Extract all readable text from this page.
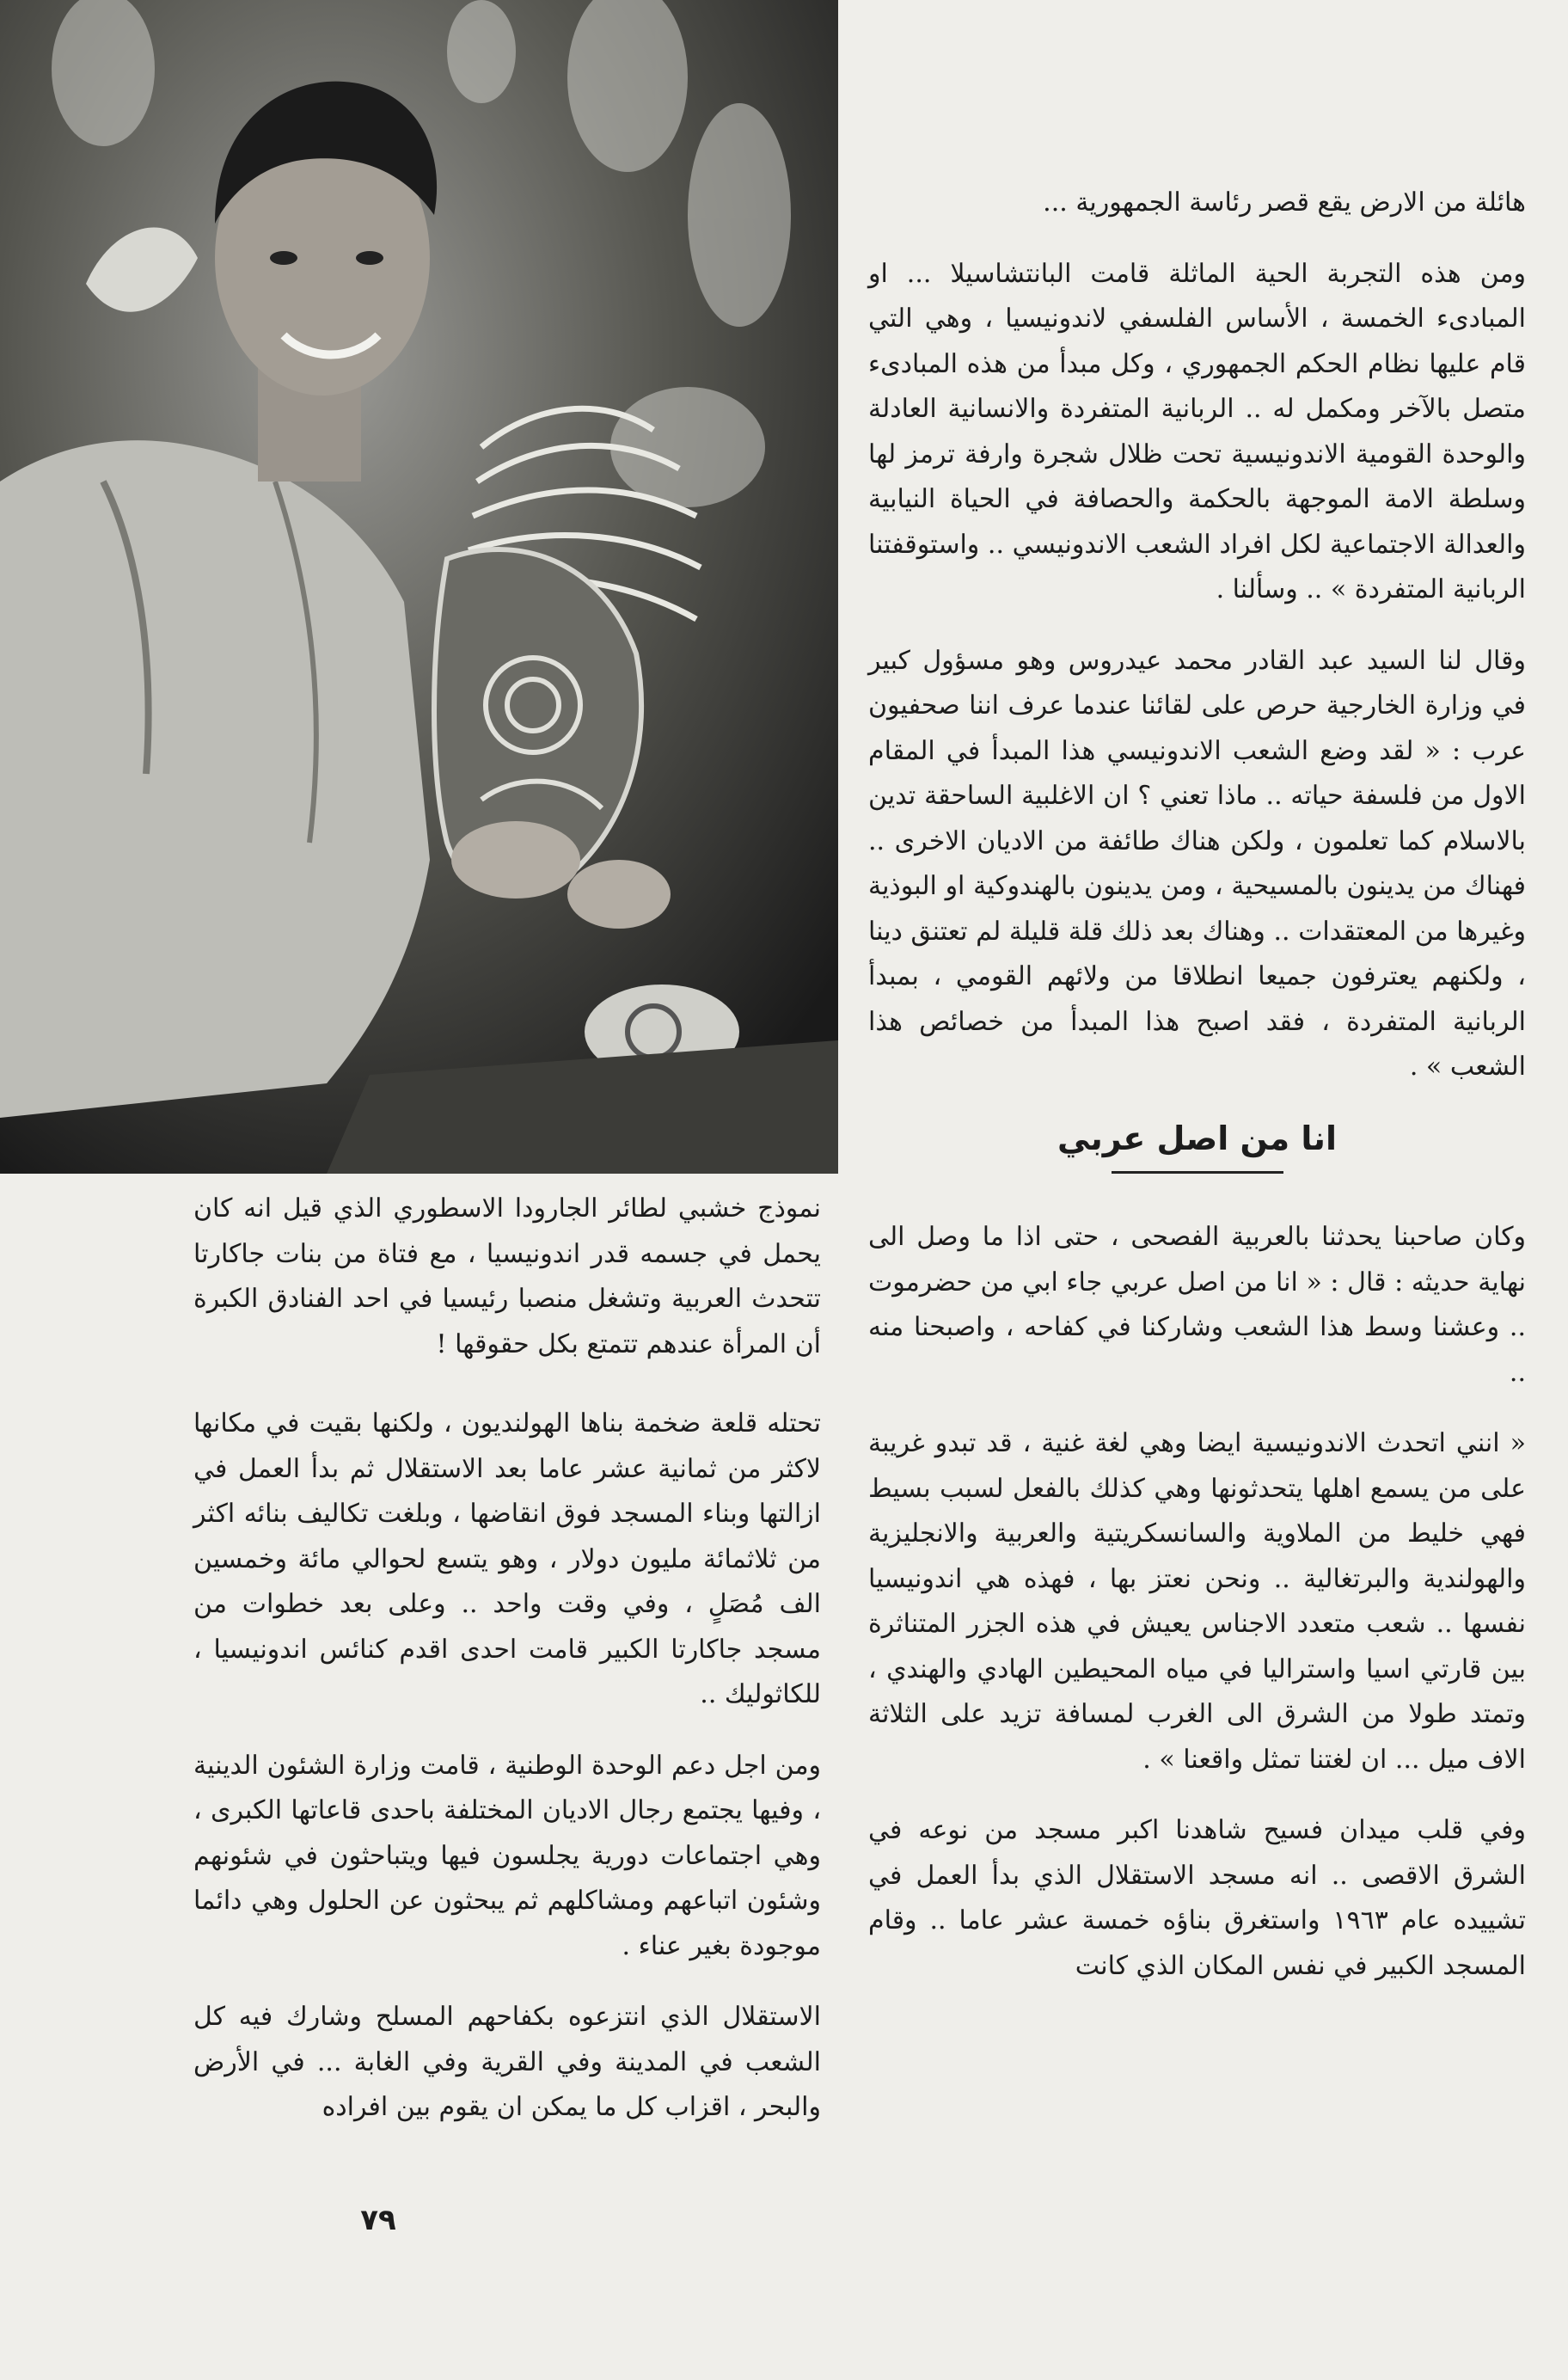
هائلة من الارض يقع قصر رئاسة الجمهورية ...

ومن هذه التجربة الحية الماثلة قامت البانتشاسيلا ... او المبادىء الخمسة ، الأساس الفلسفي لاندونيسيا ، وهي التي قام عليها نظام الحكم الجمهوري ، وكل مبدأ من هذه المبادىء متصل بالآخر ومكمل له .. الربانية المتفردة والانسانية العادلة والوحدة القومية الاندونيسية تحت ظلال شجرة وارفة ترمز لها وسلطة الامة الموجهة بالحكمة والحصافة في الحياة النيابية والعدالة الاجتماعية لكل افراد الشعب الاندونيسي .. واستوقفتنا الربانية المتفردة » .. وسألنا .

وقال لنا السيد عبد القادر محمد عيدروس وهو مسؤول كبير في وزارة الخارجية حرص على لقائنا عندما عرف اننا صحفيون عرب : « لقد وضع الشعب الاندونيسي هذا المبدأ في المقام الاول من فلسفة حياته .. ماذا تعني ؟ ان الاغلبية الساحقة تدين بالاسلام كما تعلمون ، ولكن هناك طائفة من الاديان الاخرى .. فهناك من يدينون بالمسيحية ، ومن يدينون بالهندوكية او البوذية وغيرها من المعتقدات .. وهناك بعد ذلك قلة قليلة لم تعتنق دينا ، ولكنهم يعترفون جميعا انطلاقا من ولائهم القومي ، بمبدأ الربانية المتفردة ، فقد اصبح هذا المبدأ من خصائص هذا الشعب » .

انا من اصل عربي

وكان صاحبنا يحدثنا بالعربية الفصحى ، حتى اذا ما وصل الى نهاية حديثه : قال : « انا من اصل عربي جاء ابي من حضرموت .. وعشنا وسط هذا الشعب وشاركنا في كفاحه ، واصبحنا منه ..

« انني اتحدث الاندونيسية ايضا وهي لغة غنية ، قد تبدو غريبة على من يسمع اهلها يتحدثونها وهي كذلك بالفعل لسبب بسيط فهي خليط من الملاوية والسانسكريتية والعربية والانجليزية والهولندية والبرتغالية .. ونحن نعتز بها ، فهذه هي اندونيسيا نفسها .. شعب متعدد الاجناس يعيش في هذه الجزر المتناثرة بين قارتي اسيا واستراليا في مياه المحيطين الهادي والهندي ، وتمتد طولا من الشرق الى الغرب لمسافة تزيد على الثلاثة الاف ميل ... ان لغتنا تمثل واقعنا » .

وفي قلب ميدان فسيح شاهدنا اكبر مسجد من نوعه في الشرق الاقصى .. انه مسجد الاستقلال الذي بدأ العمل في تشييده عام ١٩٦٣ واستغرق بناؤه خمسة عشر عاما .. وقام المسجد الكبير في نفس المكان الذي كانت

نموذج خشبي لطائر الجارودا الاسطوري الذي قيل انه كان يحمل في جسمه قدر اندونيسيا ، مع فتاة من بنات جاكارتا تتحدث العربية وتشغل منصبا رئيسيا في احد الفنادق الكبرة أن المرأة عندهم تتمتع بكل حقوقها !

تحتله قلعة ضخمة بناها الهولنديون ، ولكنها بقيت في مكانها لاكثر من ثمانية عشر عاما بعد الاستقلال ثم بدأ العمل في ازالتها وبناء المسجد فوق انقاضها ، وبلغت تكاليف بنائه اكثر من ثلاثمائة مليون دولار ، وهو يتسع لحوالي مائة وخمسين الف مُصَلٍ ، وفي وقت واحد .. وعلى بعد خطوات من مسجد جاكارتا الكبير قامت احدى اقدم كنائس اندونيسيا ، للكاثوليك ..

ومن اجل دعم الوحدة الوطنية ، قامت وزارة الشئون الدينية ، وفيها يجتمع رجال الاديان المختلفة باحدى قاعاتها الكبرى ، وهي اجتماعات دورية يجلسون فيها ويتباحثون في شئونهم وشئون اتباعهم ومشاكلهم ثم يبحثون عن الحلول وهي دائما موجودة بغير عناء .

الاستقلال الذي انتزعوه بكفاحهم المسلح وشارك فيه كل الشعب في المدينة وفي القرية وفي الغابة ... في الأرض والبحر ، اقزاب كل ما يمكن ان يقوم بين افراده

٧٩
